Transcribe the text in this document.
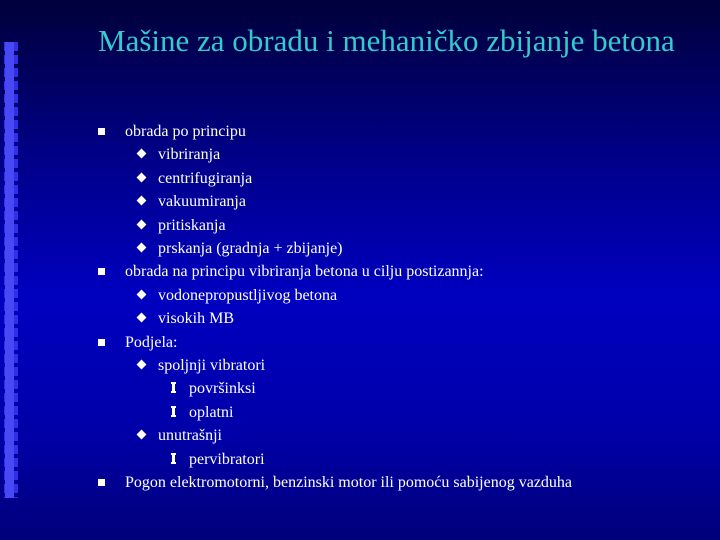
Mašine za obradu i mehaničko zbijanje betona
obrada po principu
vibriranja
centrifugiranja
vakuumiranja
pritiskanja
prskanja (gradnja + zbijanje)
obrada na principu vibriranja betona u cilju postizannja:
vodonepropustljivog betona
visokih MB
Podjela:
spoljnji vibratori
površinksi
oplatni
unutrašnji
pervibratori
Pogon elektromotorni, benzinski motor ili pomoću sabijenog vazduha
